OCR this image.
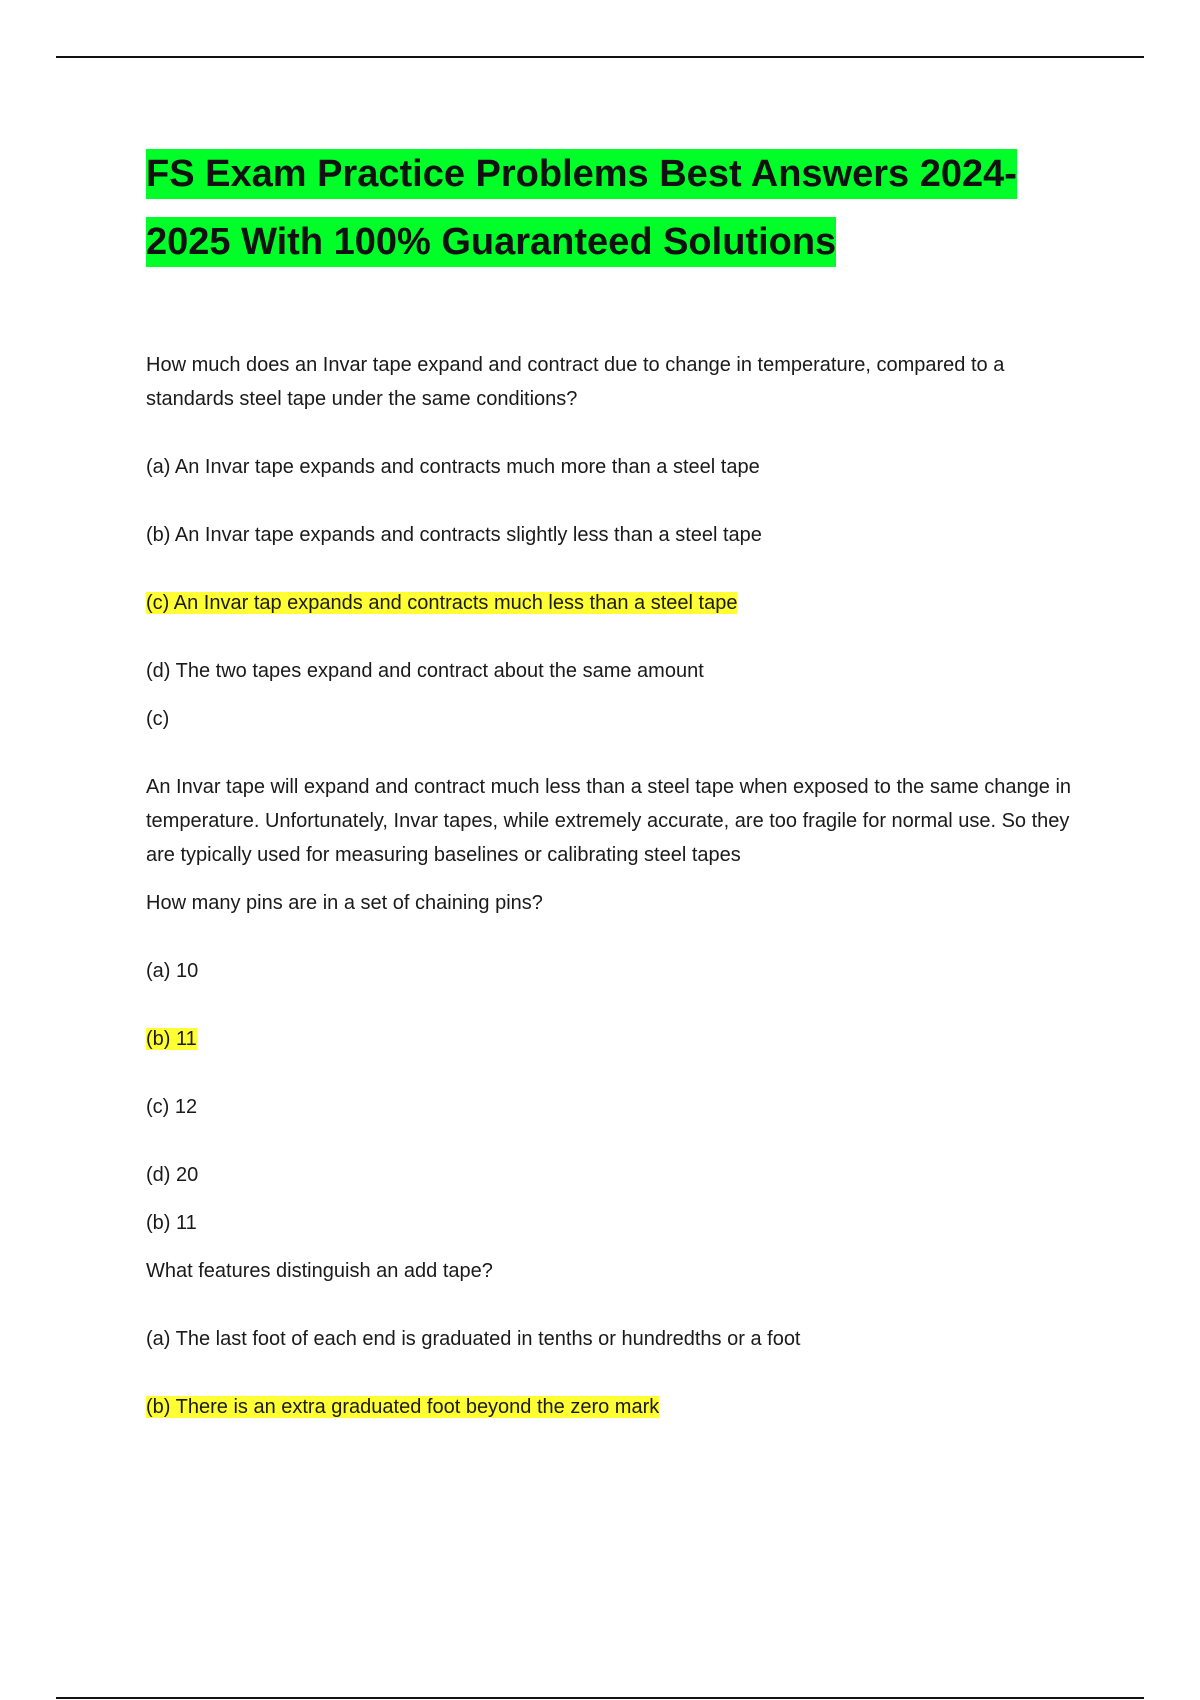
FS Exam Practice Problems Best Answers 2024-2025 With 100% Guaranteed Solutions

How much does an Invar tape expand and contract due to change in temperature, compared to a standards steel tape under the same conditions?

(a) An Invar tape expands and contracts much more than a steel tape

(b) An Invar tape expands and contracts slightly less than a steel tape

(c) An Invar tap expands and contracts much less than a steel tape

(d) The two tapes expand and contract about the same amount

(c)

An Invar tape will expand and contract much less than a steel tape when exposed to the same change in temperature. Unfortunately, Invar tapes, while extremely accurate, are too fragile for normal use. So they are typically used for measuring baselines or calibrating steel tapes

How many pins are in a set of chaining pins?

(a) 10

(b) 11

(c) 12

(d) 20

(b) 11

What features distinguish an add tape?

(a) The last foot of each end is graduated in tenths or hundredths or a foot

(b) There is an extra graduated foot beyond the zero mark
